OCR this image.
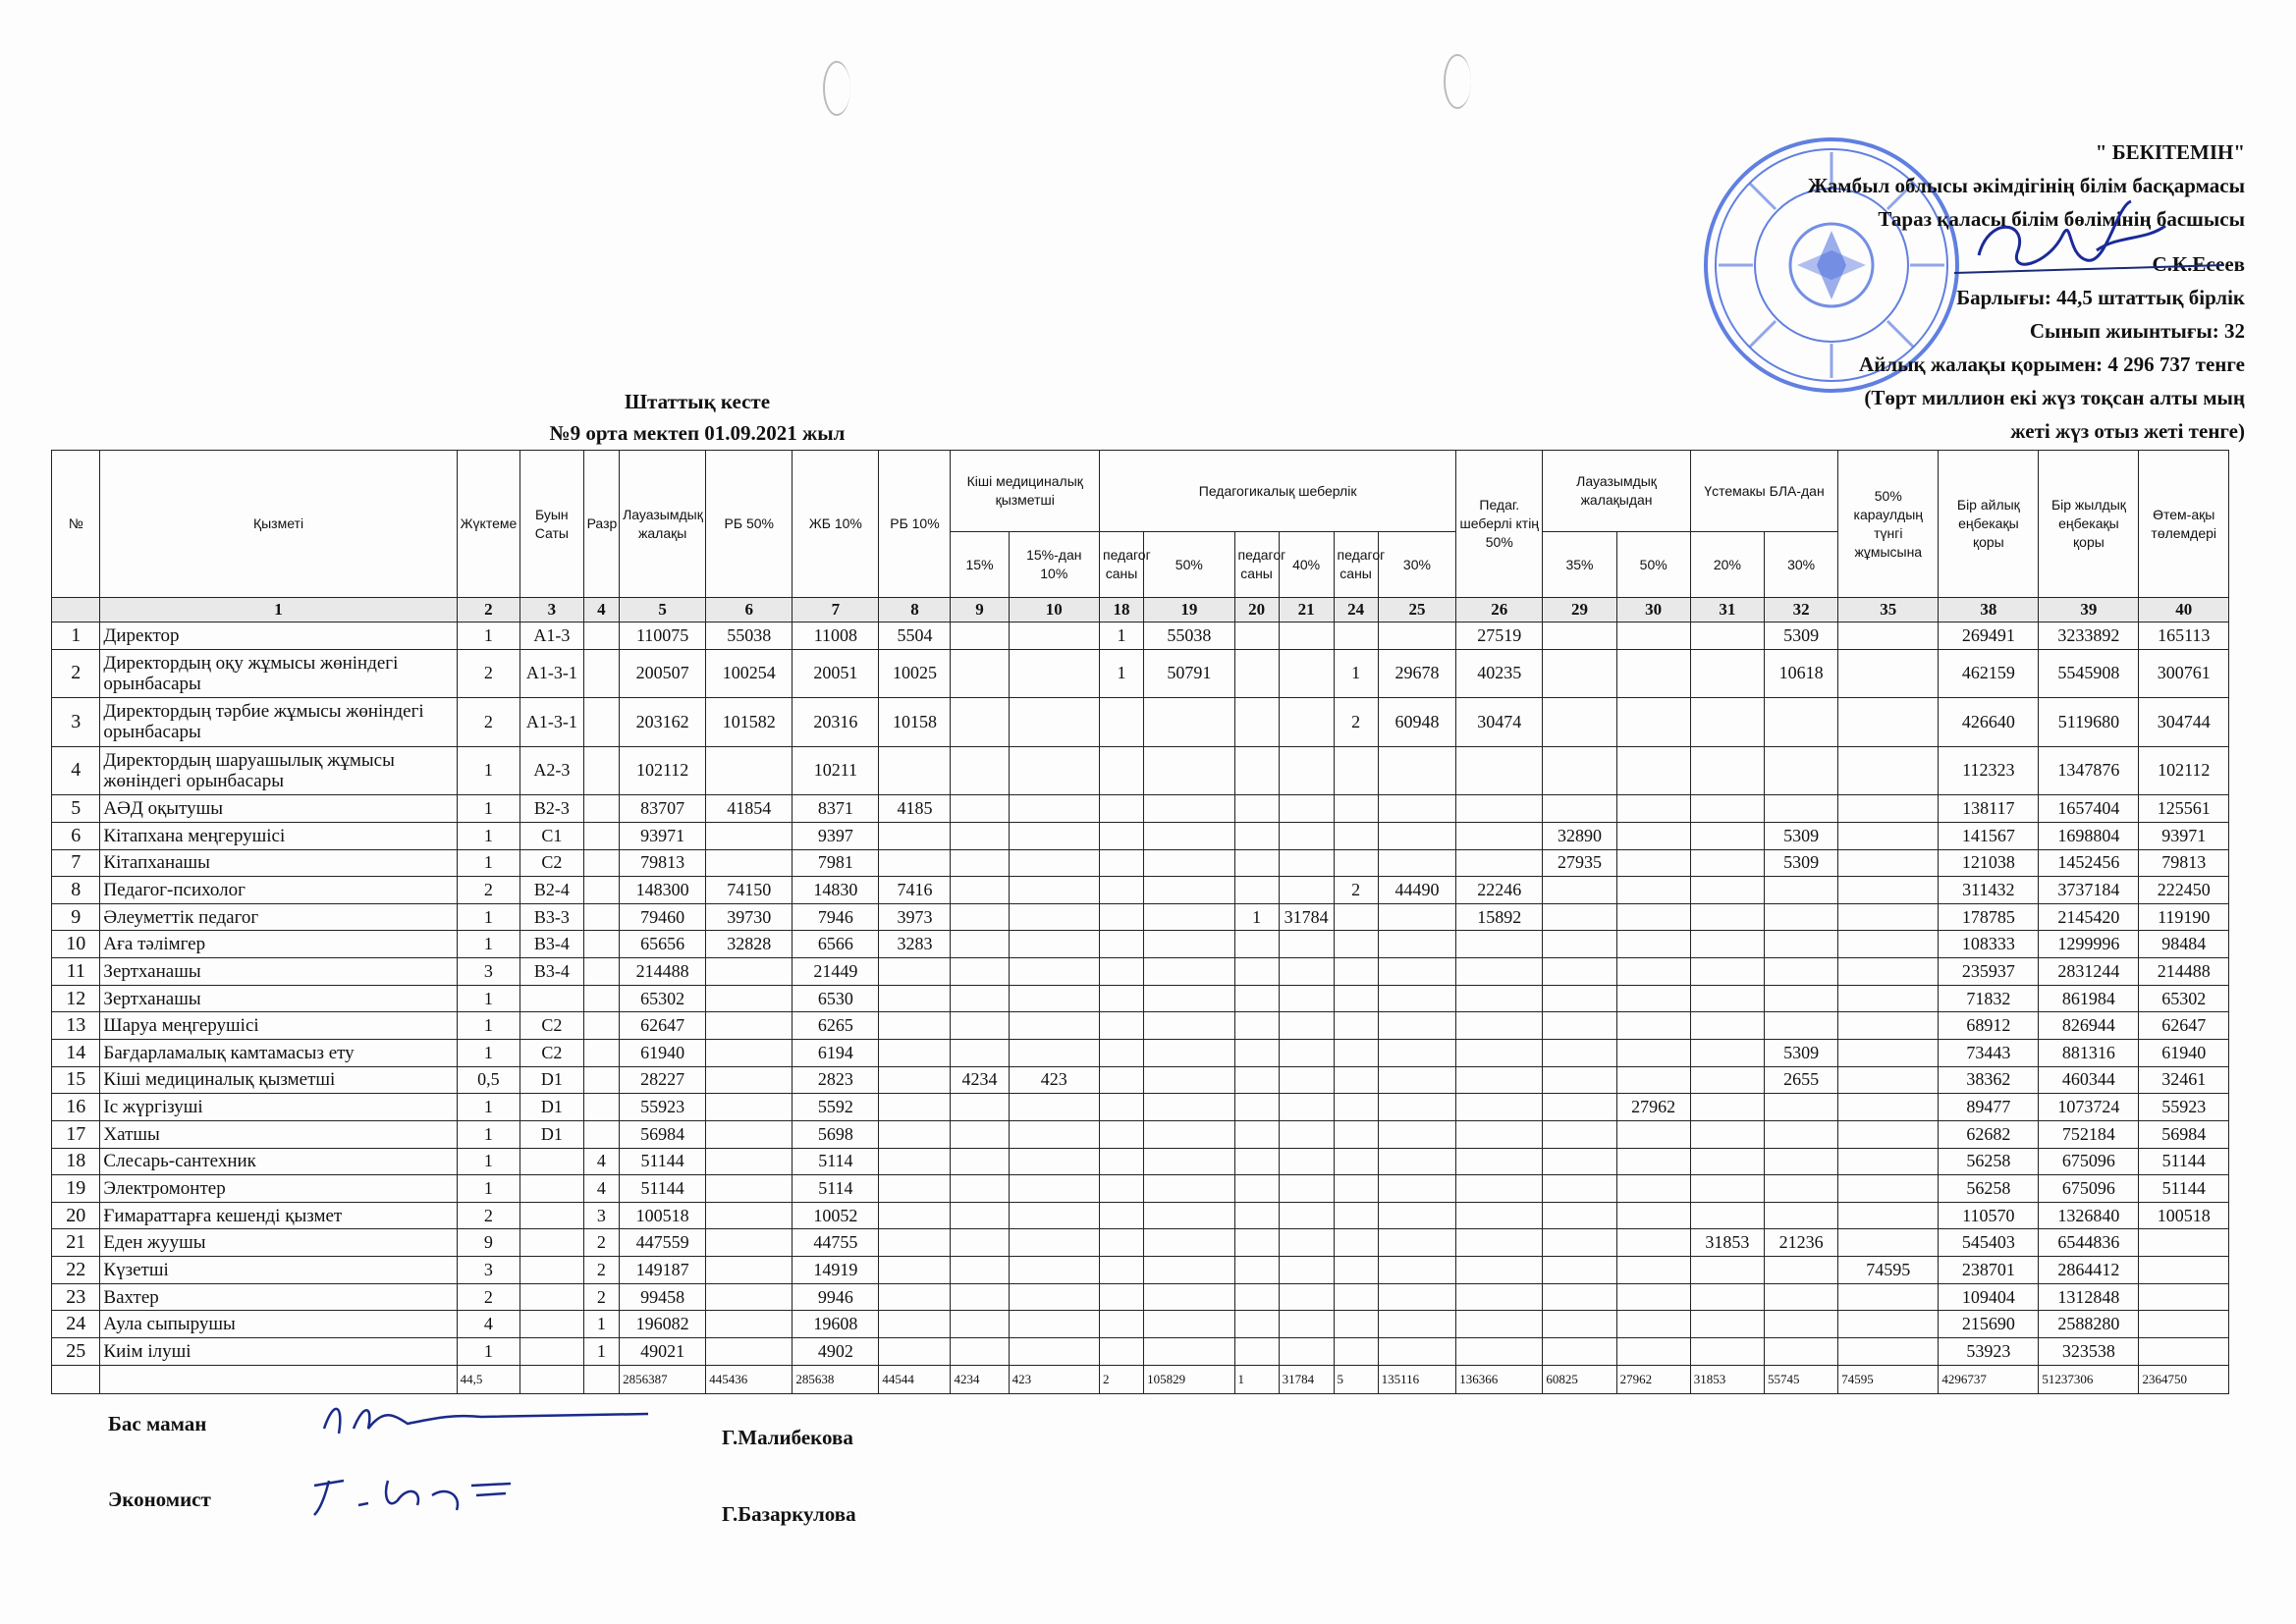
" БЕКІТЕМІН"
Жамбыл облысы әкімдігінің білім басқармасы
Тараз қаласы білім бөлімінің басшысы
С.К.Есеев
Барлығы: 44,5 штаттық бірлік
Сынып жиынтығы: 32
Айлық жалақы қорымен: 4 296 737 тенге
(Төрт миллион екі жүз тоқсан алты мың
жеті жүз отыз жеті тенге)
Штаттық кесте
№9 орта мектеп 01.09.2021 жыл
№	Қызметі	Жүктеме	Буын Саты	Разр	Лауазымдық жалақы	РБ 50%	ЖБ 10%	РБ 10%	Кіші медициналық қызметші		Педагогикалық шеберлік						Педаг. шеберлі ктің 50%	Лауазымдық жалақыдан		Үстемакы БЛА-дан		50% караулдың түнгі жұмысына	Бір айлық еңбекақы қоры	Бір жылдық еңбекақы қоры	Өтем-ақы төлемдері
									15%	15%-дан 10%	педагог саны	50%	педагог саны	40%	педагог саны	30%		35%	50%	20%	30%				
	1	2	3	4	5	6	7	8	9	10	18	19	20	21	24	25	26	29	30	31	32	35	38	39	40
1	Директор	1	А1-3		110075	55038	11008	5504			1	55038					27519				5309		269491	3233892	165113
2	Директордың оқу жұмысы жөніндегі орынбасары	2	А1-3-1		200507	100254	20051	10025			1	50791			1	29678	40235				10618		462159	5545908	300761
3	Директордың тәрбие жұмысы жөніндегі орынбасары	2	А1-3-1		203162	101582	20316	10158							2	60948	30474						426640	5119680	304744
4	Директордың шаруашылық жұмысы жөніндегі орынбасары	1	А2-3		102112		10211																112323	1347876	102112
5	АӘД оқытушы	1	В2-3		83707	41854	8371	4185															138117	1657404	125561
6	Кітапхана меңгерушісі	1	С1		93971		9397											32890			5309		141567	1698804	93971
7	Кітапханашы	1	С2		79813		7981											27935			5309		121038	1452456	79813
8	Педагог-психолог	2	В2-4		148300	74150	14830	7416							2	44490	22246						311432	3737184	222450
9	Әлеуметтік педагог	1	В3-3		79460	39730	7946	3973					1	31784			15892						178785	2145420	119190
10	Аға тәлімгер	1	В3-4		65656	32828	6566	3283															108333	1299996	98484
11	Зертханашы	3	В3-4		214488		21449																235937	2831244	214488
12	Зертханашы	1			65302		6530																71832	861984	65302
13	Шаруа меңгерушісі	1	С2		62647		6265																68912	826944	62647
14	Бағдарламалық камтамасыз ету	1	С2		61940		6194														5309		73443	881316	61940
15	Кіші медициналық қызметші	0,5	D1		28227		2823		4234	423											2655		38362	460344	32461
16	Іс жүргізуші	1	D1		55923		5592												27962				89477	1073724	55923
17	Хатшы	1	D1		56984		5698																62682	752184	56984
18	Слесарь-сантехник	1		4	51144		5114																56258	675096	51144
19	Электромонтер	1		4	51144		5114																56258	675096	51144
20	Ғимараттарға кешенді қызмет	2		3	100518		10052																110570	1326840	100518
21	Еден жуушы	9		2	447559		44755													31853	21236		545403	6544836	
22	Күзетші	3		2	149187		14919															74595	238701	2864412	
23	Вахтер	2		2	99458		9946																109404	1312848	
24	Аула сыпырушы	4		1	196082		19608																215690	2588280	
25	Киім ілуші	1		1	49021		4902																53923	323538	
		44,5			2856387	445436	285638	44544	4234	423	2	105829	1	31784	5	135116	136366	60825	27962	31853	55745	74595	4296737	51237306	2364750
Бас маман
Г.Малибекова
Экономист
Г.Базаркулова
